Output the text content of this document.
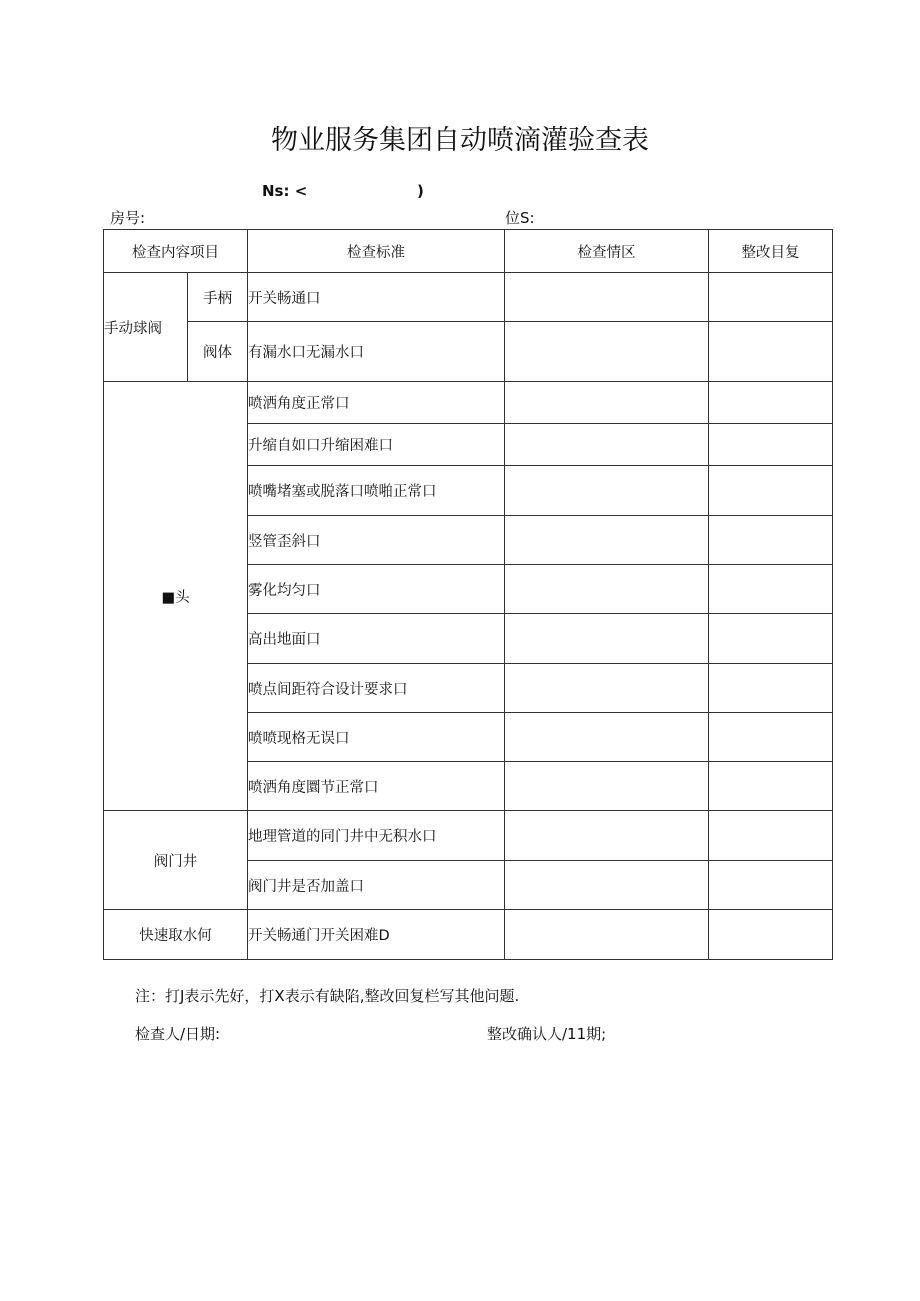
物业服务集团自动喷滴灌验查表
Ns: <	)
房号:	位S:
检查内容项目		检查标准	检查情区	整改目复
手动球阀	手柄	开关畅通口		
	阀体	有漏水口无漏水口		
■头		喷洒角度正常口		
		升缩自如口升缩困难口		
		喷嘴堵塞或脱落口喷啪正常口		
		竖管歪斜口		
		雾化均匀口		
		高出地面口		
		喷点间距符合设计要求口		
		喷喷现格无误口		
		喷洒角度圜节正常口		
阀门井		地理管道的同门井中无积水口		
		阀门井是否加盖口		
快速取水何		开关畅通门开关困难D		
注：打J表示先好，打X表示有缺陷,整改回复栏写其他问题.
检查人/日期:	整改确认人/11期;
